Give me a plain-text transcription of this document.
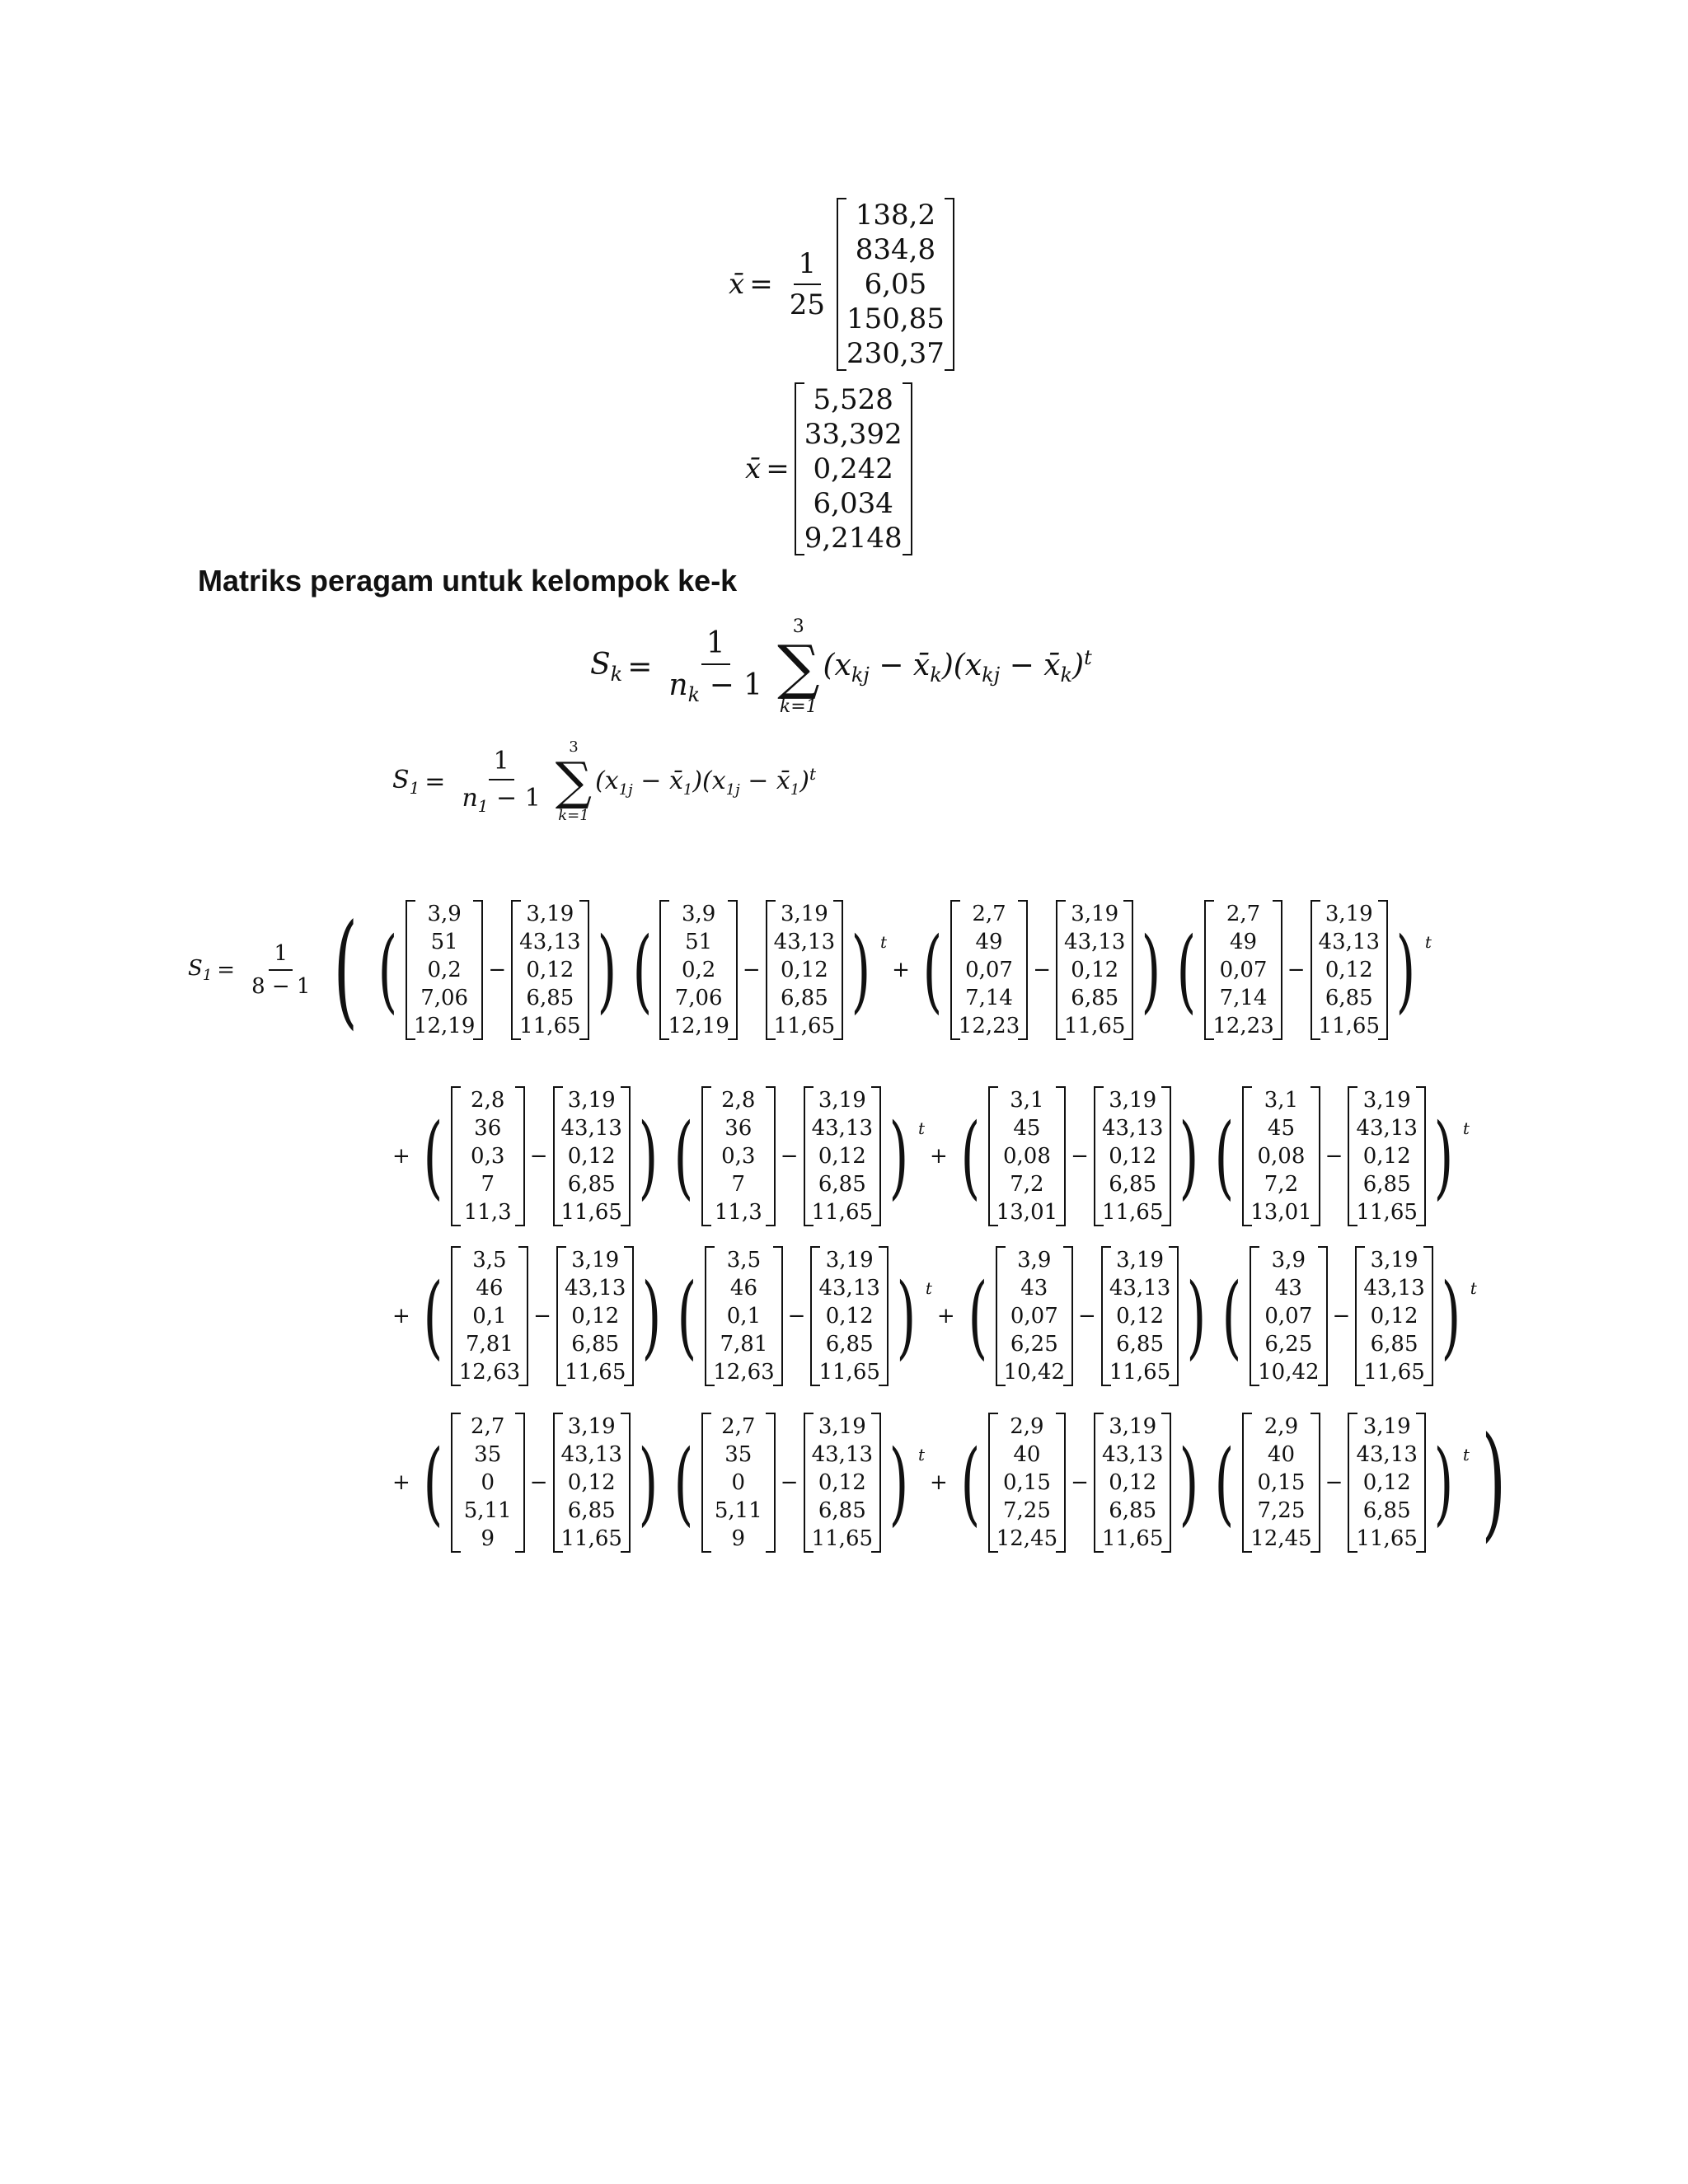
x̄ = $\frac{1}{25}$
138,2
834,8
6,05
150,85
230,37
x̄ =
5,528
33,392
0,242
6,034
9,2148
Matriks peragam untuk kelompok ke-k
$S_k = \frac{1}{n_k - 1} 3$
∑
k=1
($x_{kj}$ − $x̄_k)(x_{kj}$ − $x̄_k)^t$
$S_1 = \frac{1}{n_1 - 1} 3$
∑
k=1
($x_{1j}$ − $x̄_1)(x_{1j}$ − $x̄_1)^t$
$S_1 = \frac{1}{8 - 1}$ ( (
3,9
51
0,2
7,06
12,19
−
3,19
43,13
0,12
6,85
11,65
) (
3,9
51
0,2
7,06
12,19
−
3,19
43,13
0,12
6,85
11,65
) t
+ (
2,7
49
0,07
7,14
12,23
−
3,19
43,13
0,12
6,85
11,65
) (
2,7
49
0,07
7,14
12,23
−
3,19
43,13
0,12
6,85
11,65
) t
+ (
2,8
36
0,3
7
11,3
−
3,19
43,13
0,12
6,85
11,65
) (
2,8
36
0,3
7
11,3
−
3,19
43,13
0,12
6,85
11,65
) t
+ (
3,1
45
0,08
7,2
13,01
−
3,19
43,13
0,12
6,85
11,65
) (
3,1
45
0,08
7,2
13,01
−
3,19
43,13
0,12
6,85
11,65
) t
+ (
3,5
46
0,1
7,81
12,63
−
3,19
43,13
0,12
6,85
11,65
) (
3,5
46
0,1
7,81
12,63
−
3,19
43,13
0,12
6,85
11,65
) t
+ (
3,9
43
0,07
6,25
10,42
−
3,19
43,13
0,12
6,85
11,65
) (
3,9
43
0,07
6,25
10,42
−
3,19
43,13
0,12
6,85
11,65
) t
+ (
2,7
35
0
5,11
9
−
3,19
43,13
0,12
6,85
11,65
) (
2,7
35
0
5,11
9
−
3,19
43,13
0,12
6,85
11,65
) t
+ (
2,9
40
0,15
7,25
12,45
−
3,19
43,13
0,12
6,85
11,65
) (
2,9
40
0,15
7,25
12,45
−
3,19
43,13
0,12
6,85
11,65
) t )
